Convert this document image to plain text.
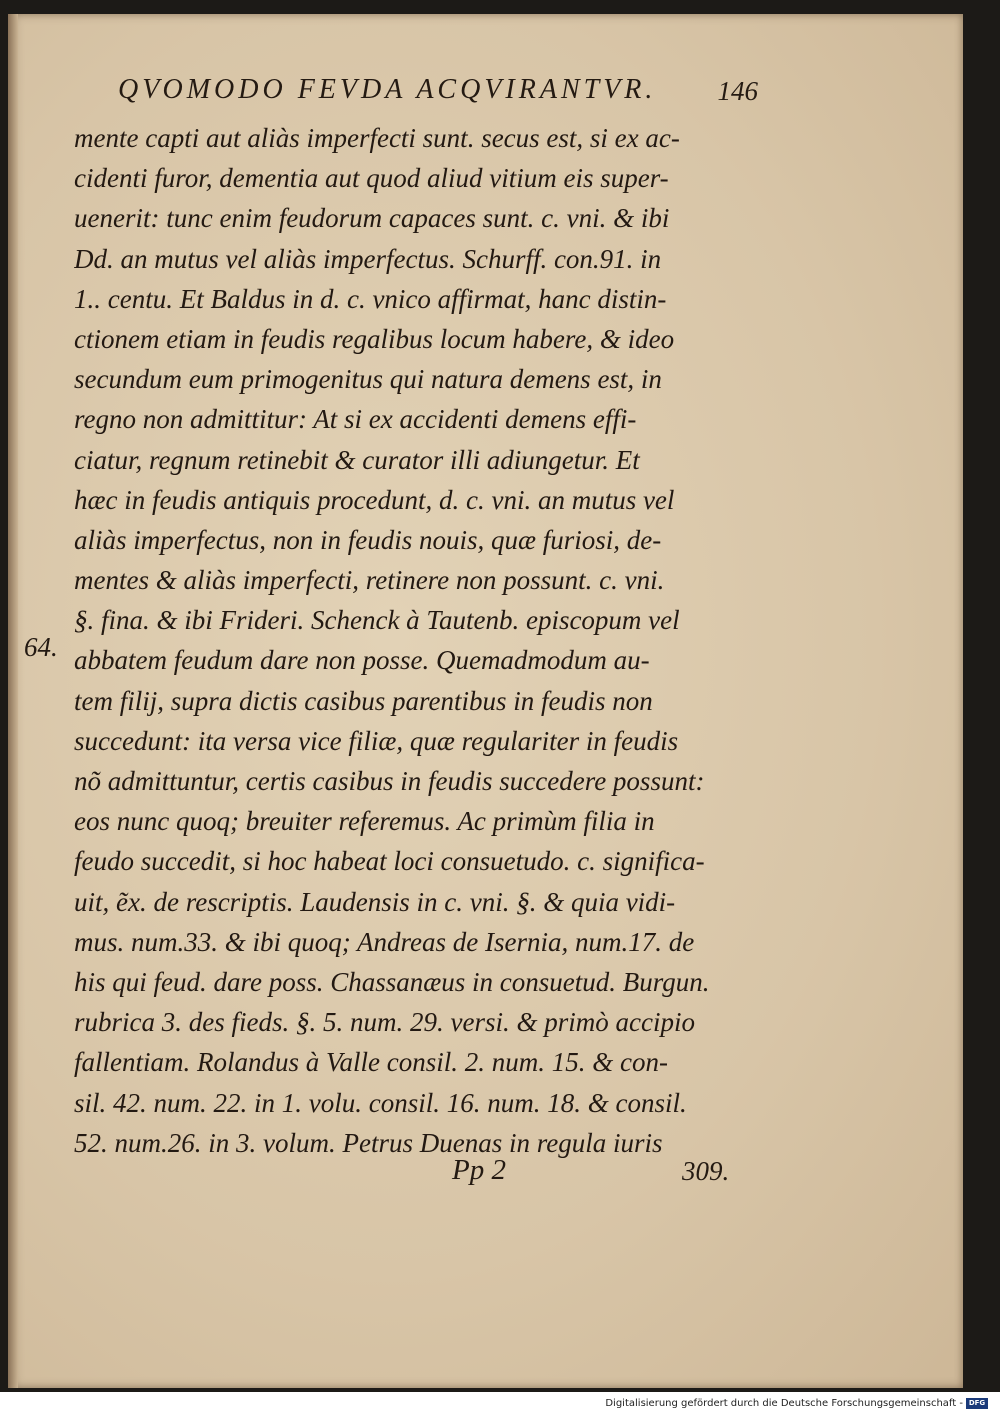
QVOMODO FEVDA ACQVIRANTVR. 146
64.
mente capti aut aliàs imperfecti sunt. secus est, si ex ac-
cidenti furor, dementia aut quod aliud vitium eis super-
uenerit: tunc enim feudorum capaces sunt. c. vni. & ibi
Dd. an mutus vel aliàs imperfectus. Schurff. con.91. in
1.. centu. Et Baldus in d. c. vnico affirmat, hanc distin-
ctionem etiam in feudis regalibus locum habere, & ideo
secundum eum primogenitus qui natura demens est, in
regno non admittitur: At si ex accidenti demens effi-
ciatur, regnum retinebit & curator illi adiungetur. Et
hæc in feudis antiquis procedunt, d. c. vni. an mutus vel
aliàs imperfectus, non in feudis nouis, quæ furiosi, de-
mentes & aliàs imperfecti, retinere non possunt. c. vni.
§. fina. & ibi Frideri. Schenck à Tautenb. episcopum vel
abbatem feudum dare non posse. Quemadmodum au-
tem filij, supra dictis casibus parentibus in feudis non
succedunt: ita versa vice filiæ, quæ regulariter in feudis
nõ admittuntur, certis casibus in feudis succedere possunt:
eos nunc quoq; breuiter referemus. Ac primùm filia in
feudo succedit, si hoc habeat loci consuetudo. c. significa-
uit, ẽx. de rescriptis. Laudensis in c. vni. §. & quia vidi-
mus. num.33. & ibi quoq; Andreas de Isernia, num.17. de
his qui feud. dare poss. Chassanæus in consuetud. Burgun.
rubrica 3. des fieds. §. 5. num. 29. versi. & primò accipio
fallentiam. Rolandus à Valle consil. 2. num. 15. & con-
sil. 42. num. 22. in 1. volu. consil. 16. num. 18. & consil.
52. num.26. in 3. volum. Petrus Duenas in regula iuris
Pp 2	309.
Digitalisierung gefördert durch die Deutsche Forschungsgemeinschaft - DFG
